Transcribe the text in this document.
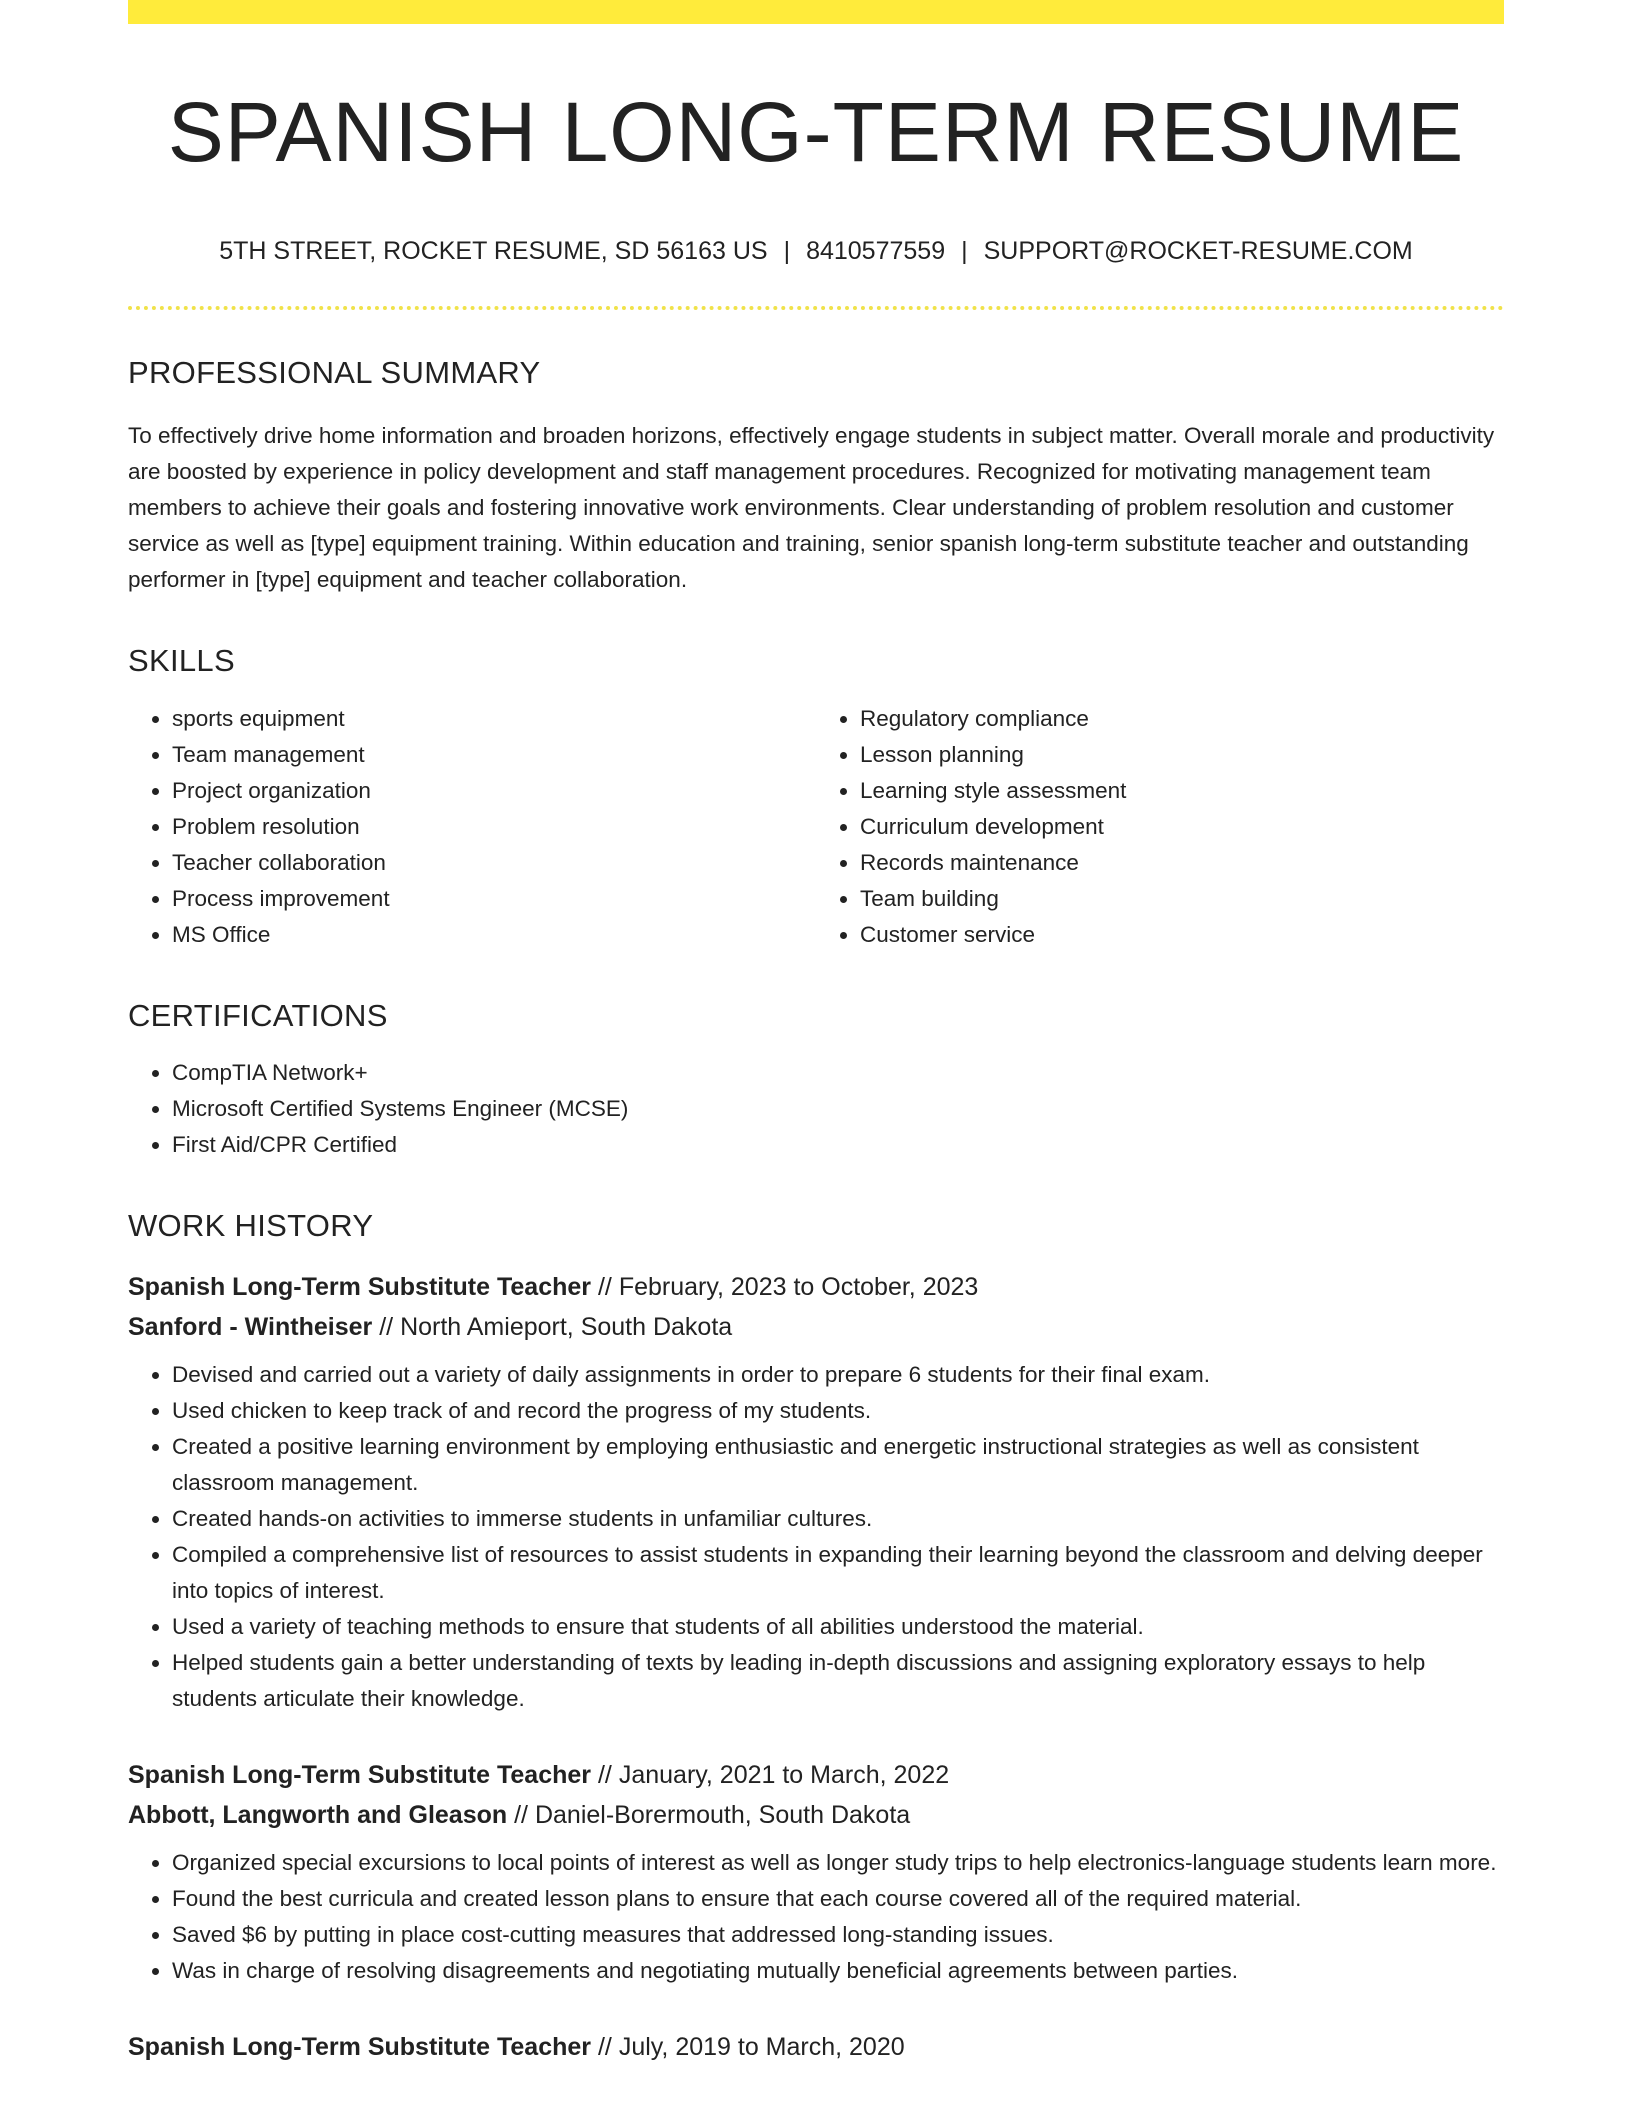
SPANISH LONG-TERM RESUME
5TH STREET, ROCKET RESUME, SD 56163 US | 8410577559 | SUPPORT@ROCKET-RESUME.COM
PROFESSIONAL SUMMARY

To effectively drive home information and broaden horizons, effectively engage students in subject matter. Overall morale and productivity are boosted by experience in policy development and staff management procedures. Recognized for motivating management team members to achieve their goals and fostering innovative work environments. Clear understanding of problem resolution and customer service as well as [type] equipment training. Within education and training, senior spanish long-term substitute teacher and outstanding performer in [type] equipment and teacher collaboration.

SKILLS
• sports equipment
• Team management
• Project organization
• Problem resolution
• Teacher collaboration
• Process improvement
• MS Office
• Regulatory compliance
• Lesson planning
• Learning style assessment
• Curriculum development
• Records maintenance
• Team building
• Customer service
CERTIFICATIONS
• CompTIA Network+
• Microsoft Certified Systems Engineer (MCSE)
• First Aid/CPR Certified
WORK HISTORY
Spanish Long-Term Substitute Teacher // February, 2023 to October, 2023
Sanford - Wintheiser // North Amieport, South Dakota
• Devised and carried out a variety of daily assignments in order to prepare 6 students for their final exam.
• Used chicken to keep track of and record the progress of my students.
• Created a positive learning environment by employing enthusiastic and energetic instructional strategies as well as consistent classroom management.
• Created hands-on activities to immerse students in unfamiliar cultures.
• Compiled a comprehensive list of resources to assist students in expanding their learning beyond the classroom and delving deeper into topics of interest.
• Used a variety of teaching methods to ensure that students of all abilities understood the material.
• Helped students gain a better understanding of texts by leading in-depth discussions and assigning exploratory essays to help students articulate their knowledge.
Spanish Long-Term Substitute Teacher // January, 2021 to March, 2022
Abbott, Langworth and Gleason // Daniel-Borermouth, South Dakota
• Organized special excursions to local points of interest as well as longer study trips to help electronics-language students learn more.
• Found the best curricula and created lesson plans to ensure that each course covered all of the required material.
• Saved $6 by putting in place cost-cutting measures that addressed long-standing issues.
• Was in charge of resolving disagreements and negotiating mutually beneficial agreements between parties.
Spanish Long-Term Substitute Teacher // July, 2019 to March, 2020
